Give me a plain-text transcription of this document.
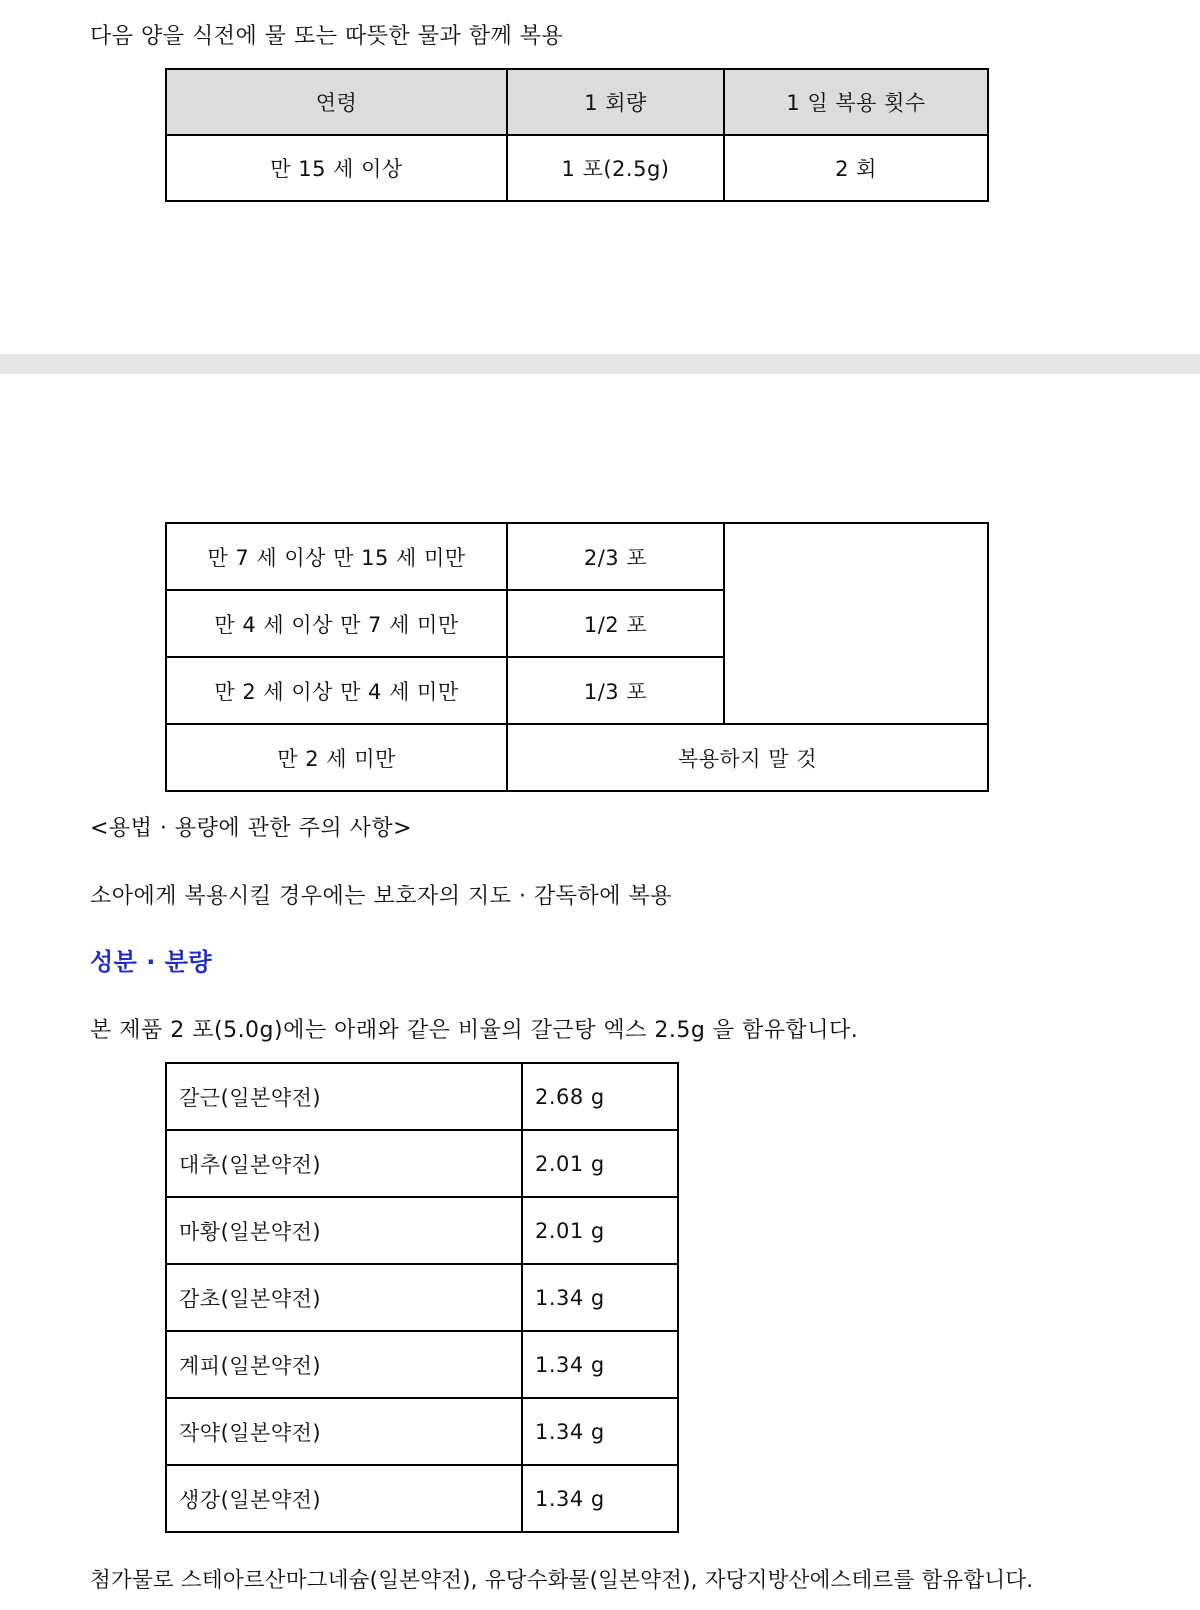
다음 양을 식전에 물 또는 따뜻한 물과 함께 복용
연령	1 회량	1 일 복용 횟수
만 15 세 이상	1 포(2.5g)	2 회
만 7 세 이상 만 15 세 미만	2/3 포	
만 4 세 이상 만 7 세 미만	1/2 포	
만 2 세 이상 만 4 세 미만	1/3 포	
만 2 세 미만	복용하지 말 것	
<용법 · 용량에 관한 주의 사항>
소아에게 복용시킬 경우에는 보호자의 지도 · 감독하에 복용
성분 · 분량
본 제품 2 포(5.0g)에는 아래와 같은 비율의 갈근탕 엑스 2.5g 을 함유합니다.
갈근(일본약전)	2.68 g
대추(일본약전)	2.01 g
마황(일본약전)	2.01 g
감초(일본약전)	1.34 g
계피(일본약전)	1.34 g
작약(일본약전)	1.34 g
생강(일본약전)	1.34 g
첨가물로 스테아르산마그네슘(일본약전), 유당수화물(일본약전), 자당지방산에스테르를 함유합니다.
